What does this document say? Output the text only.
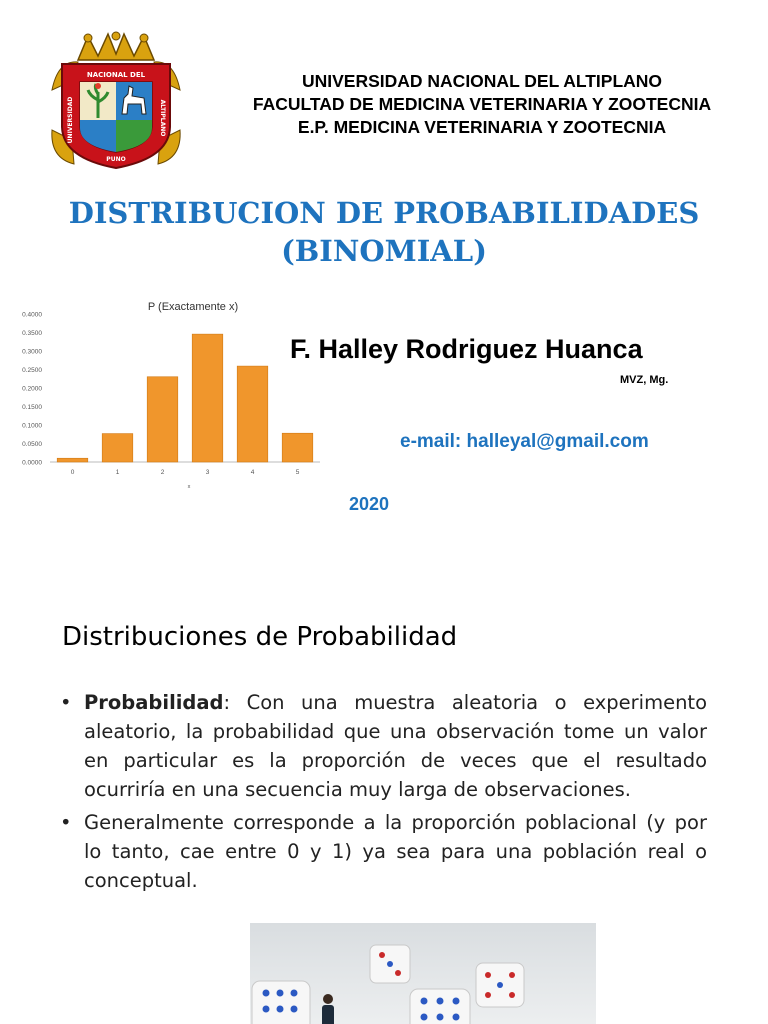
NACIONAL DEL
UNIVERSIDAD	ALTIPLANO
PUNO
UNIVERSIDAD NACIONAL DEL ALTIPLANO
FACULTAD DE MEDICINA VETERINARIA Y ZOOTECNIA
E.P. MEDICINA VETERINARIA Y ZOOTECNIA
DISTRIBUCION DE PROBABILIDADES
(BINOMIAL)
P (Exactamente x)
0.0000
0.0500
0.1000
0.1500
0.2000
0.2500
0.3000
0.3500
0.4000
0	1	2	3	4	5
x
F. Halley Rodriguez Huanca
MVZ, Mg.
e-mail: halleyal@gmail.com
2020
Distribuciones de Probabilidad
• Probabilidad: Con una muestra aleatoria o experimento aleatorio, la probabilidad que una observación tome un valor en particular es la proporción de veces que el resultado ocurriría en una secuencia muy larga de observaciones.
• Generalmente corresponde a la proporción poblacional (y por lo tanto, cae entre 0 y 1) ya sea para una población real o conceptual.
